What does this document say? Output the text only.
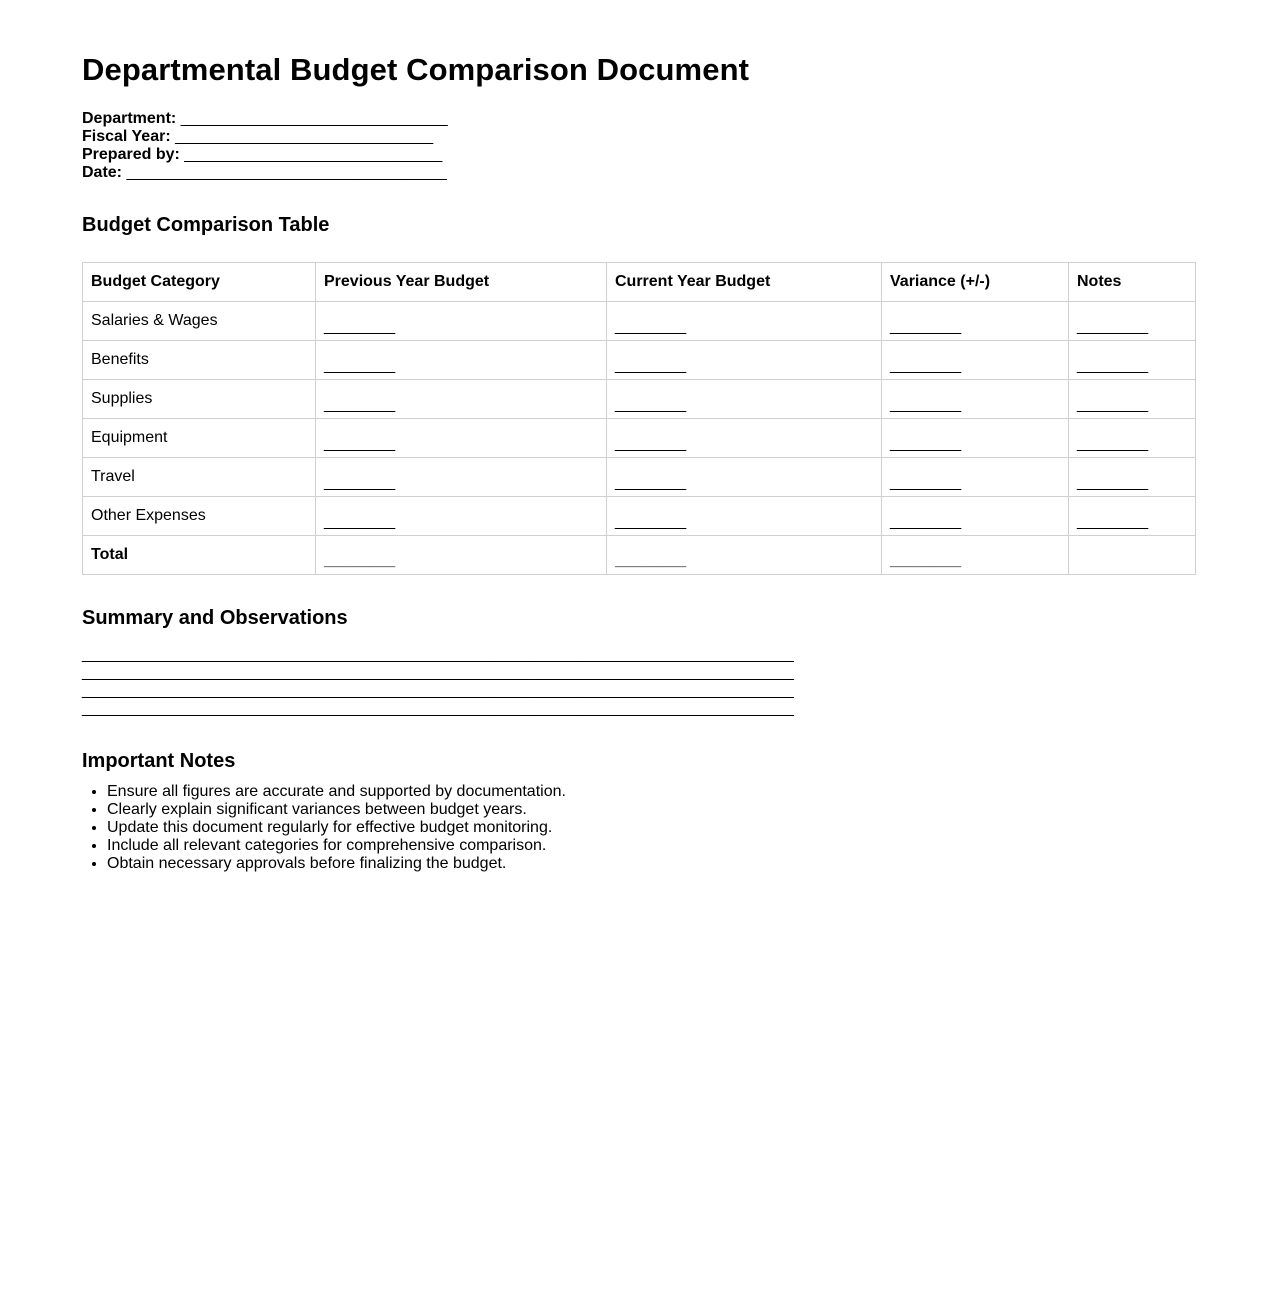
Departmental Budget Comparison Document
Department: ______________________________
Fiscal Year: _____________________________
Prepared by: _____________________________
Date: ____________________________________
Budget Comparison Table
Budget Category	Previous Year Budget	Current Year Budget	Variance (+/-)	Notes
Salaries & Wages	________	________	________	________
Benefits	________	________	________	________
Supplies	________	________	________	________
Equipment	________	________	________	________
Travel	________	________	________	________
Other Expenses	________	________	________	________
Total	________	________	________	
Summary and Observations
________________________________________________________________________________
________________________________________________________________________________
________________________________________________________________________________
________________________________________________________________________________
Important Notes
• Ensure all figures are accurate and supported by documentation.
• Clearly explain significant variances between budget years.
• Update this document regularly for effective budget monitoring.
• Include all relevant categories for comprehensive comparison.
• Obtain necessary approvals before finalizing the budget.
